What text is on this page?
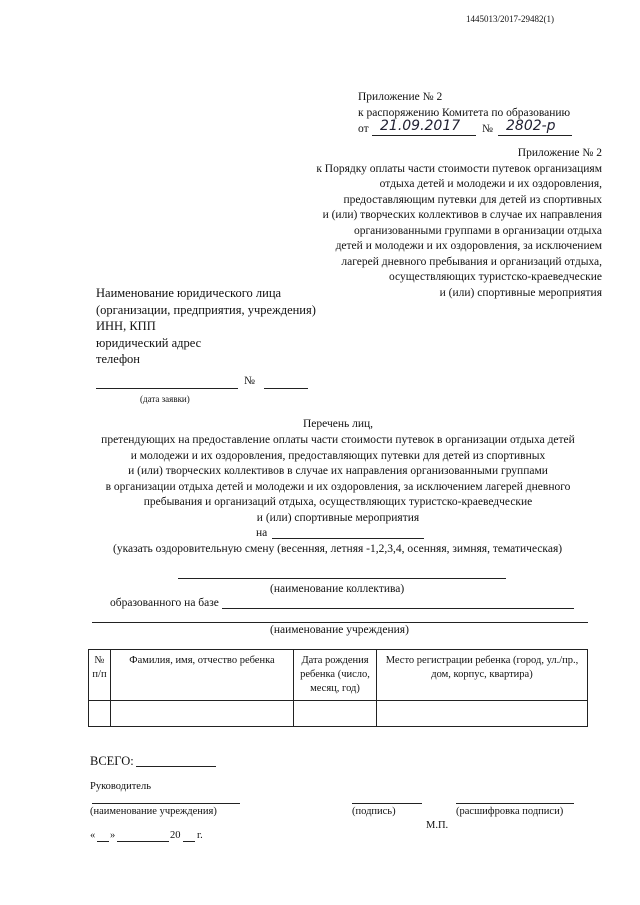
1445013/2017-29482(1)
Приложение № 2
к распоряжению Комитета по образованию
от 21.09.2017 № 2802-р
Приложение № 2
к Порядку оплаты части стоимости путевок организациям
отдыха детей и молодежи и их оздоровления,
предоставляющим путевки для детей из спортивных
и (или) творческих коллективов в случае их направления
организованными группами в организации отдыха
детей и молодежи и их оздоровления, за исключением
лагерей дневного пребывания и организаций отдыха,
осуществляющих туристско-краеведческие
и (или) спортивные мероприятия
Наименование юридического лица
(организации, предприятия, учреждения)
ИНН, КПП
юридический адрес
телефон
№
(дата заявки)
Перечень лиц,
претендующих на предоставление оплаты части стоимости путевок в организации отдыха детей
и молодежи и их оздоровления, предоставляющих путевки для детей из спортивных
и (или) творческих коллективов в случае их направления организованными группами
в организации отдыха детей и молодежи и их оздоровления, за исключением лагерей дневного
пребывания и организаций отдыха, осуществляющих туристско-краеведческие
и (или) спортивные мероприятия
на
(указать оздоровительную смену (весенняя, летняя -1,2,3,4, осенняя, зимняя, тематическая)
(наименование коллектива)
образованного на базе
(наименование учреждения)
№ п/п	Фамилия, имя, отчество ребенка	Дата рождения ребенка (число, месяц, год)	Место регистрации ребенка (город, ул./пр., дом, корпус, квартира)

ВСЕГО:
Руководитель
(наименование учреждения)	(подпись)	(расшифровка подписи)
М.П.
« »	20 г.
